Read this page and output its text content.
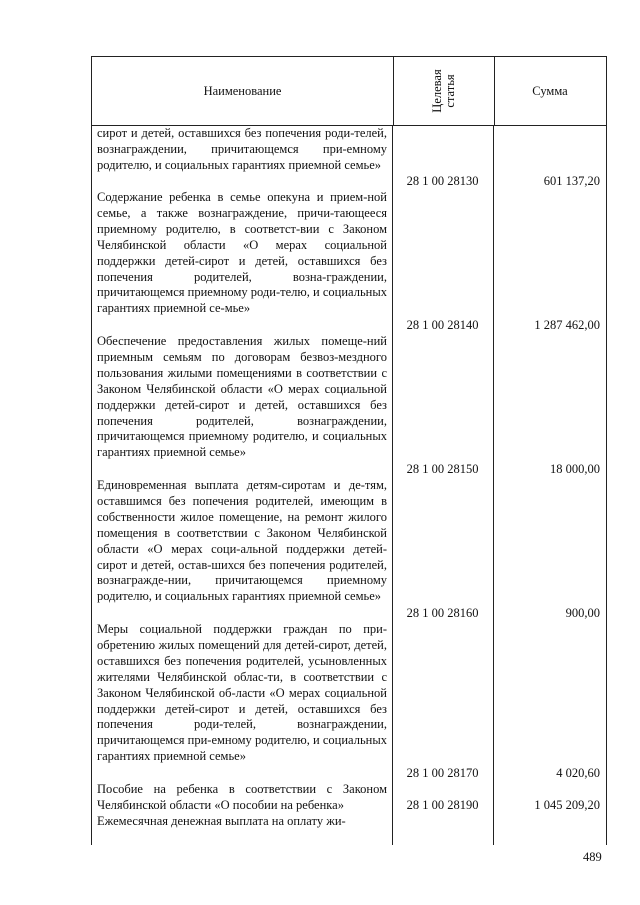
Наименование	Целевая статья	Сумма
сирот и детей, оставшихся без попечения роди-телей, вознаграждении, причитающемся при-емному родителю, и социальных гарантиях приемной семье»
28 1 00 28130	601 137,20
Содержание ребенка в семье опекуна и прием-ной семье, а также вознаграждение, причи-тающееся приемному родителю, в соответст-вии с Законом Челябинской области «О мерах социальной поддержки детей-сирот и детей, оставшихся без попечения родителей, возна-граждении, причитающемся приемному роди-телю, и социальных гарантиях приемной се-мье»
28 1 00 28140	1 287 462,00
Обеспечение предоставления жилых помеще-ний приемным семьям по договорам безвоз-мездного пользования жилыми помещениями в соответствии с Законом Челябинской области «О мерах социальной поддержки детей-сирот и детей, оставшихся без попечения родителей, вознаграждении, причитающемся приемному родителю, и социальных гарантиях приемной семье»
28 1 00 28150	18 000,00
Единовременная выплата детям-сиротам и де-тям, оставшимся без попечения родителей, имеющим в собственности жилое помещение, на ремонт жилого помещения в соответствии с Законом Челябинской области «О мерах соци-альной поддержки детей-сирот и детей, остав-шихся без попечения родителей, вознагражде-нии, причитающемся приемному родителю, и социальных гарантиях приемной семье»
28 1 00 28160	900,00
Меры социальной поддержки граждан по при-обретению жилых помещений для детей-сирот, детей, оставшихся без попечения родителей, усыновленных жителями Челябинской облас-ти, в соответствии с Законом Челябинской об-ласти «О мерах социальной поддержки детей-сирот и детей, оставшихся без попечения роди-телей, вознаграждении, причитающемся при-емному родителю, и социальных гарантиях приемной семье»
28 1 00 28170	4 020,60
Пособие на ребенка в соответствии с Законом Челябинской области «О пособии на ребенка»	28 1 00 28190	1 045 209,20
Ежемесячная денежная выплата на оплату жи-
489
